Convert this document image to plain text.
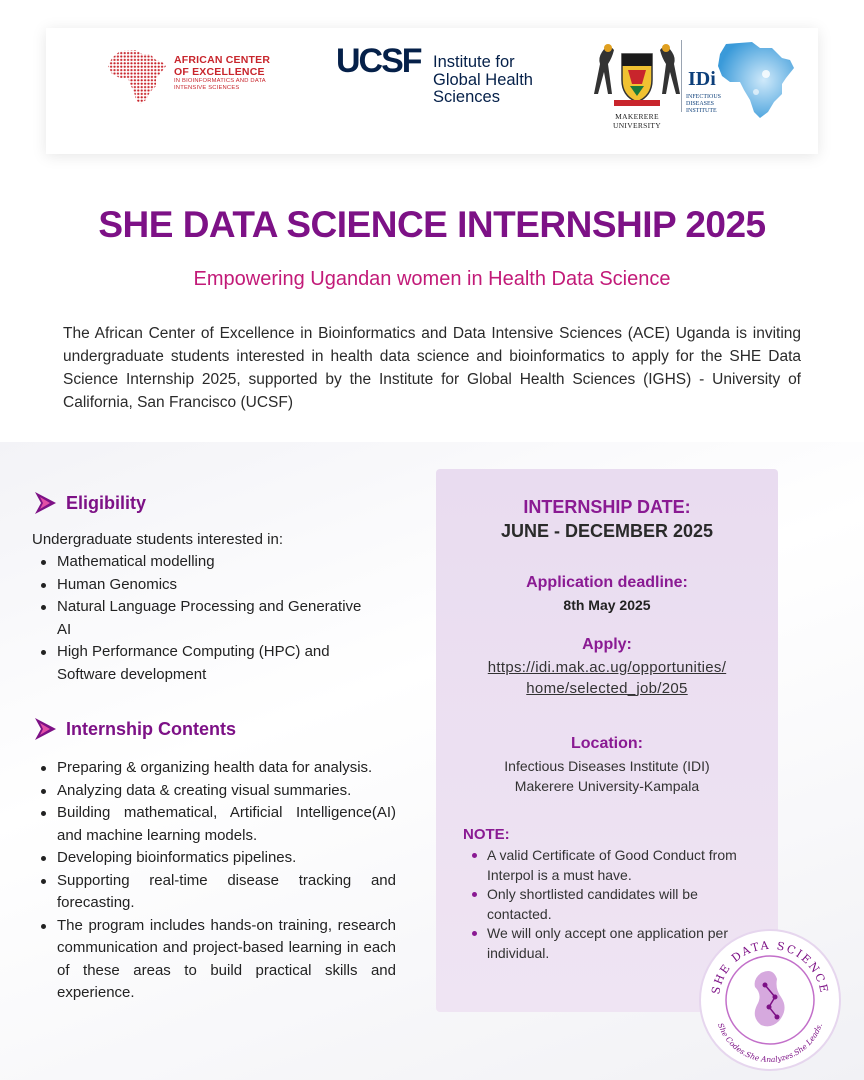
AFRICAN CENTER
OF EXCELLENCE
IN BIOINFORMATICS AND DATA
INTENSIVE SCIENCES
UCSF Institute for
Global Health
Sciences
MAKERERE UNIVERSITY
IDi
INFECTIOUS
DISEASES
INSTITUTE
SHE DATA SCIENCE INTERNSHIP 2025
Empowering Ugandan women in Health Data Science
The African Center of Excellence in Bioinformatics and Data Intensive Sciences (ACE) Uganda is inviting undergraduate students interested in health data science and bioinformatics to apply for the SHE Data Science Internship 2025, supported by the Institute for Global Health Sciences (IGHS) - University of California, San Francisco (UCSF)
Eligibility
Undergraduate students interested in:
Mathematical modelling
Human Genomics
Natural Language Processing and Generative AI
High Performance Computing (HPC) and Software development
Internship Contents
Preparing & organizing health data for analysis.
Analyzing data & creating visual summaries.
Building mathematical, Artificial Intelligence(AI) and machine learning models.
Developing bioinformatics pipelines.
Supporting real-time disease tracking and forecasting.
The program includes hands-on training, research communication and project-based learning in each of these areas to build practical skills and experience.
INTERNSHIP DATE:
JUNE - DECEMBER 2025
Application deadline:
8th May 2025
Apply:
https://idi.mak.ac.ug/opportunities/
home/selected_job/205
Location:
Infectious Diseases Institute (IDI)
Makerere University-Kampala
NOTE:
A valid Certificate of Good Conduct from Interpol is a must have.
Only shortlisted candidates will be contacted.
We will only accept one application per individual.
SHE DATA SCIENCE
She Codes.She Analyzes.She Leads.
